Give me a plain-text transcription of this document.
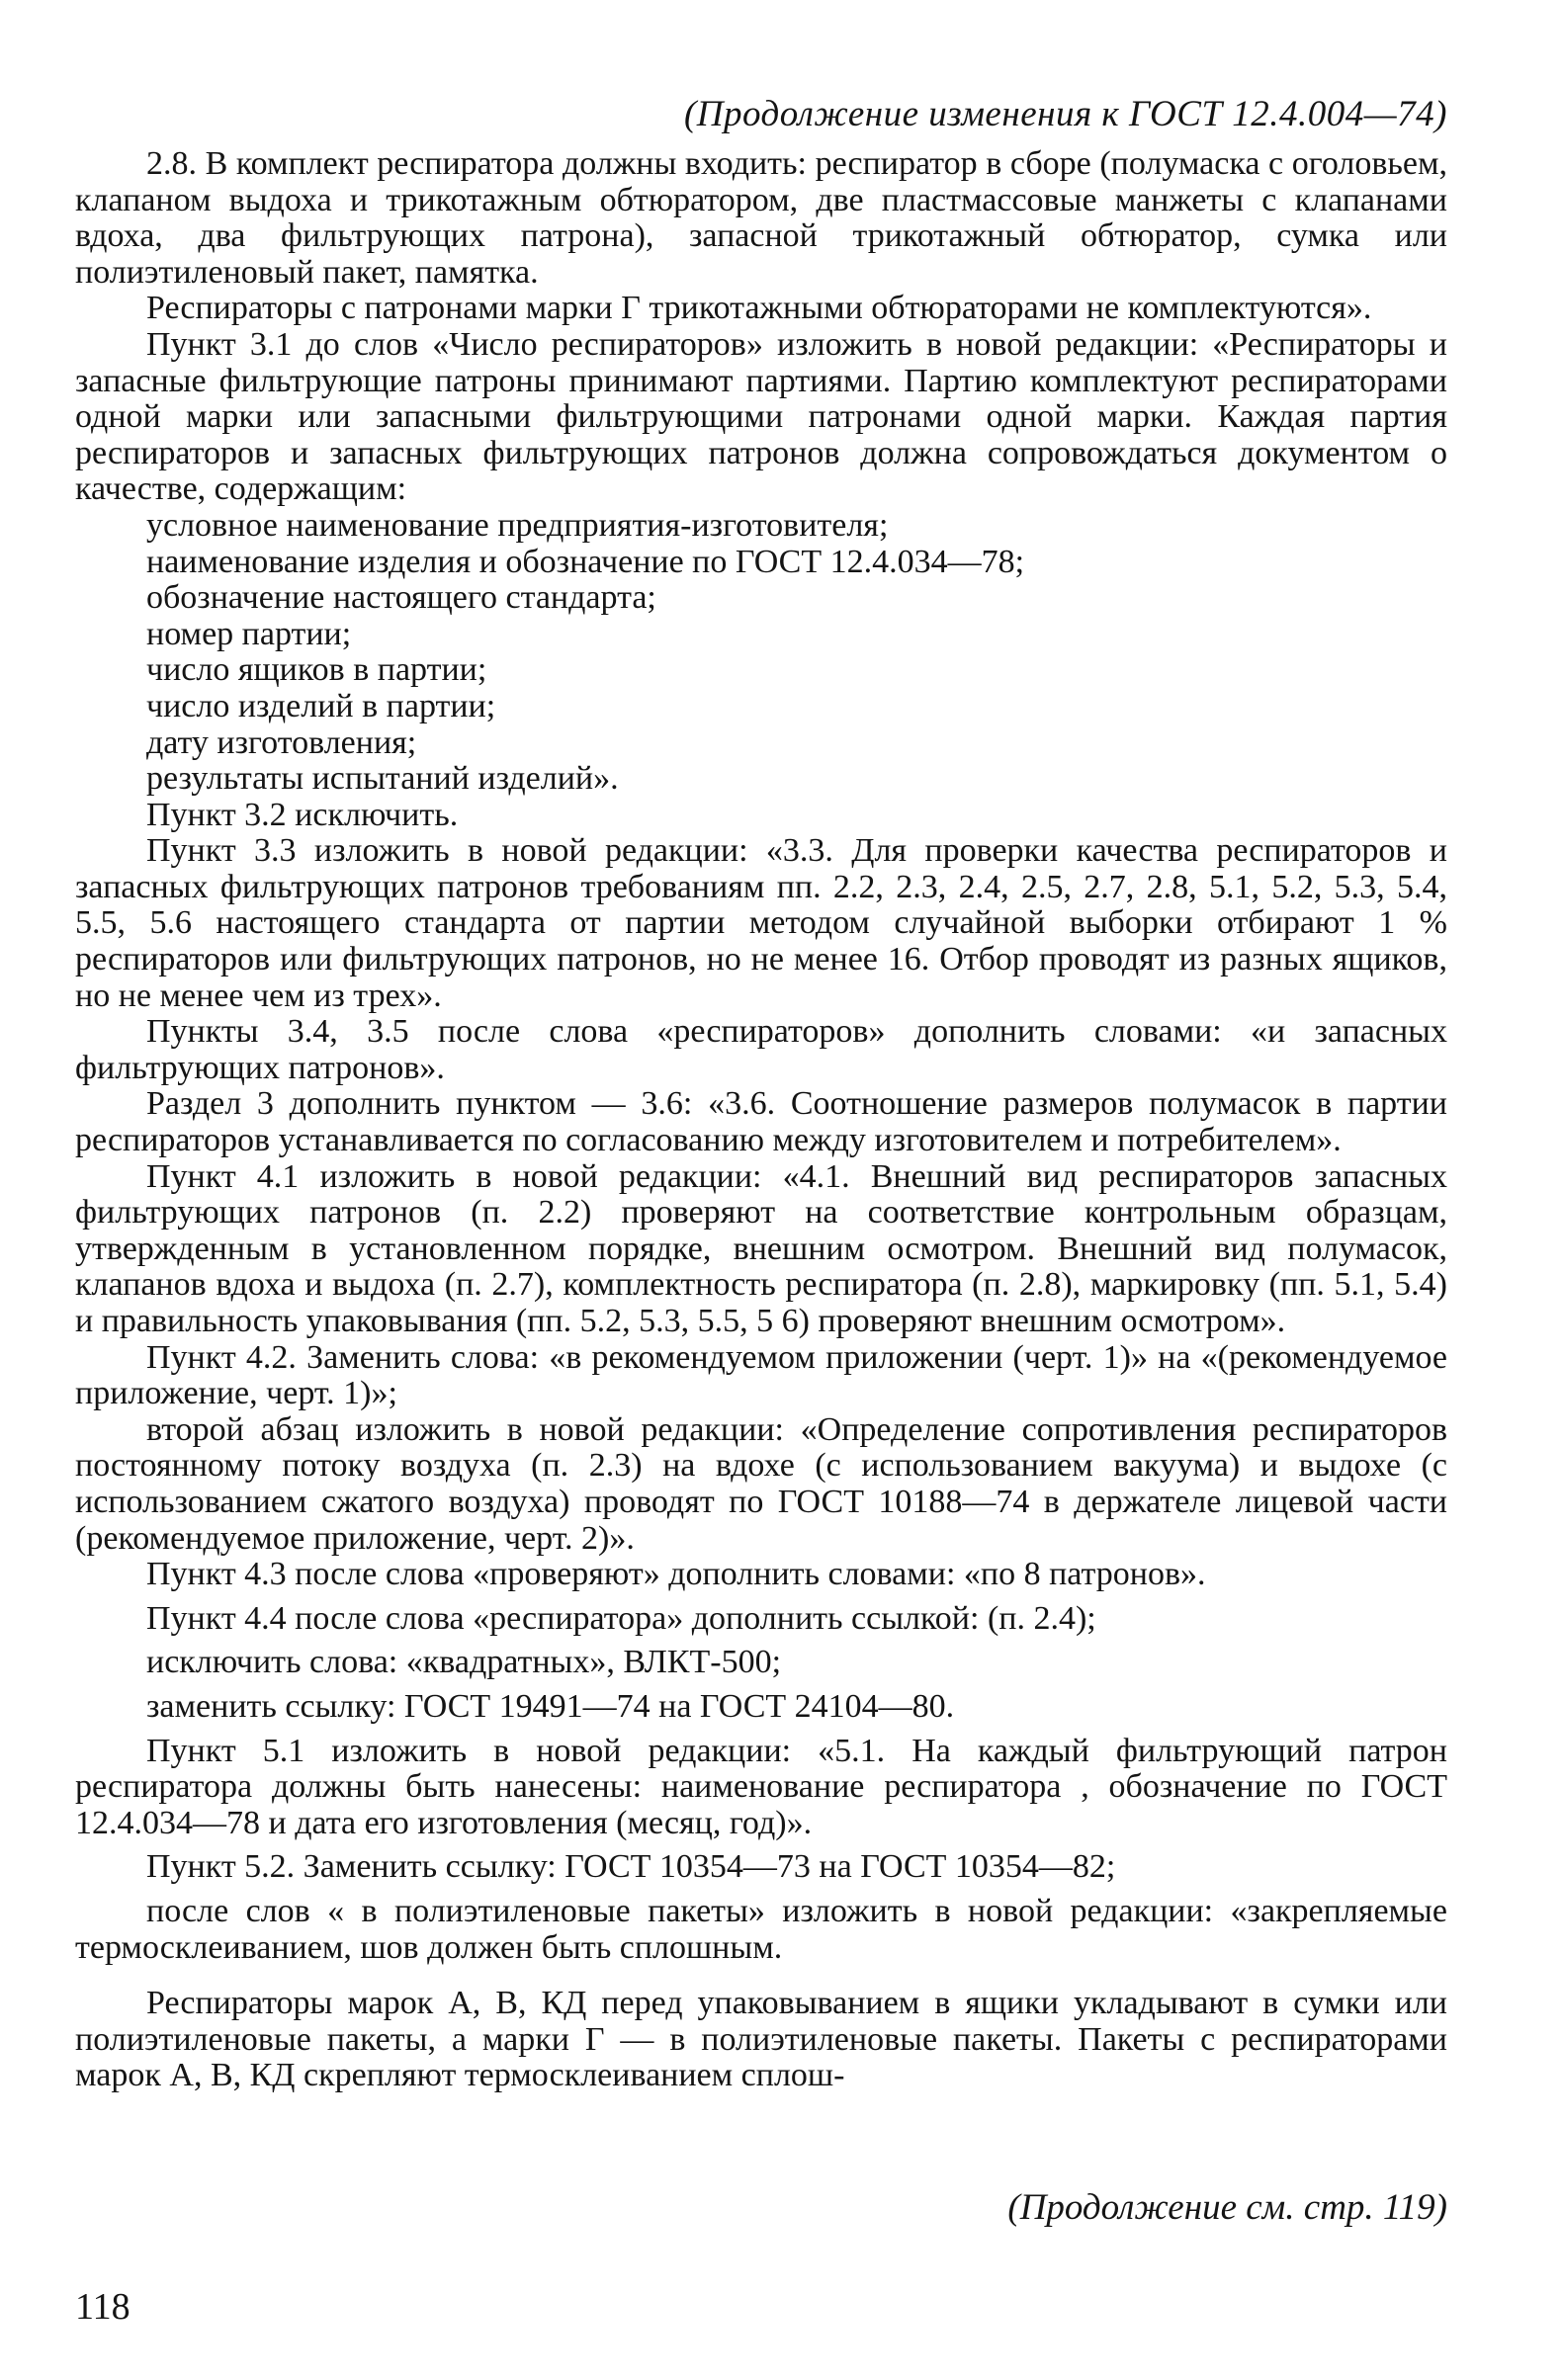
(Продолжение изменения к ГОСТ 12.4.004—74)

2.8. В комплект респиратора должны входить: респиратор в сборе (полумаска с оголовьем, клапаном выдоха и трикотажным обтюратором, две пластмассовые манжеты с клапанами вдоха, два фильтрующих патрона), запасной трикотажный обтюратор, сумка или полиэтиленовый пакет, памятка.

Респираторы с патронами марки Г трикотажными обтюраторами не комплектуются».

Пункт 3.1 до слов «Число респираторов» изложить в новой редакции: «Респираторы и запасные фильтрующие патроны принимают партиями. Партию комплектуют респираторами одной марки или запасными фильтрующими патронами одной марки. Каждая партия респираторов и запасных фильтрующих патронов должна сопровождаться документом о качестве, содержащим:

условное наименование предприятия-изготовителя;

наименование изделия и обозначение по ГОСТ 12.4.034—78;

обозначение настоящего стандарта;

номер партии;

число ящиков в партии;

число изделий в партии;

дату изготовления;

результаты испытаний изделий».

Пункт 3.2 исключить.

Пункт 3.3 изложить в новой редакции: «3.3. Для проверки качества респираторов и запасных фильтрующих патронов требованиям пп. 2.2, 2.3, 2.4, 2.5, 2.7, 2.8, 5.1, 5.2, 5.3, 5.4, 5.5, 5.6 настоящего стандарта от партии методом случайной выборки отбирают 1 % респираторов или фильтрующих патронов, но не менее 16. Отбор проводят из разных ящиков, но не менее чем из трех».

Пункты 3.4, 3.5 после слова «респираторов» дополнить словами: «и запасных фильтрующих патронов».

Раздел 3 дополнить пунктом — 3.6: «3.6. Соотношение размеров полумасок в партии респираторов устанавливается по согласованию между изготовителем и потребителем».

Пункт 4.1 изложить в новой редакции: «4.1. Внешний вид респираторов запасных фильтрующих патронов (п. 2.2) проверяют на соответствие контрольным образцам, утвержденным в установленном порядке, внешним осмотром. Внешний вид полумасок, клапанов вдоха и выдоха (п. 2.7), комплектность респиратора (п. 2.8), маркировку (пп. 5.1, 5.4) и правильность упаковывания (пп. 5.2, 5.3, 5.5, 5 6) проверяют внешним осмотром».

Пункт 4.2. Заменить слова: «в рекомендуемом приложении (черт. 1)» на «(рекомендуемое приложение, черт. 1)»;

второй абзац изложить в новой редакции: «Определение сопротивления респираторов постоянному потоку воздуха (п. 2.3) на вдохе (с использованием вакуума) и выдохе (с использованием сжатого воздуха) проводят по ГОСТ 10188—74 в держателе лицевой части (рекомендуемое приложение, черт. 2)».

Пункт 4.3 после слова «проверяют» дополнить словами: «по 8 патронов».

Пункт 4.4 после слова «респиратора» дополнить ссылкой: (п. 2.4);

исключить слова: «квадратных», ВЛКТ-500;

заменить ссылку: ГОСТ 19491—74 на ГОСТ 24104—80.

Пункт 5.1 изложить в новой редакции: «5.1. На каждый фильтрующий патрон респиратора должны быть нанесены: наименование респиратора , обозначение по ГОСТ 12.4.034—78 и дата его изготовления (месяц, год)».

Пункт 5.2. Заменить ссылку: ГОСТ 10354—73 на ГОСТ 10354—82;

после слов « в полиэтиленовые пакеты» изложить в новой редакции: «закрепляемые термосклеиванием, шов должен быть сплошным.

Респираторы марок А, В, КД перед упаковыванием в ящики укладывают в сумки или полиэтиленовые пакеты, а марки Г — в полиэтиленовые пакеты. Пакеты с респираторами марок А, В, КД скрепляют термосклеиванием сплош-

(Продолжение см. стр. 119)
118
